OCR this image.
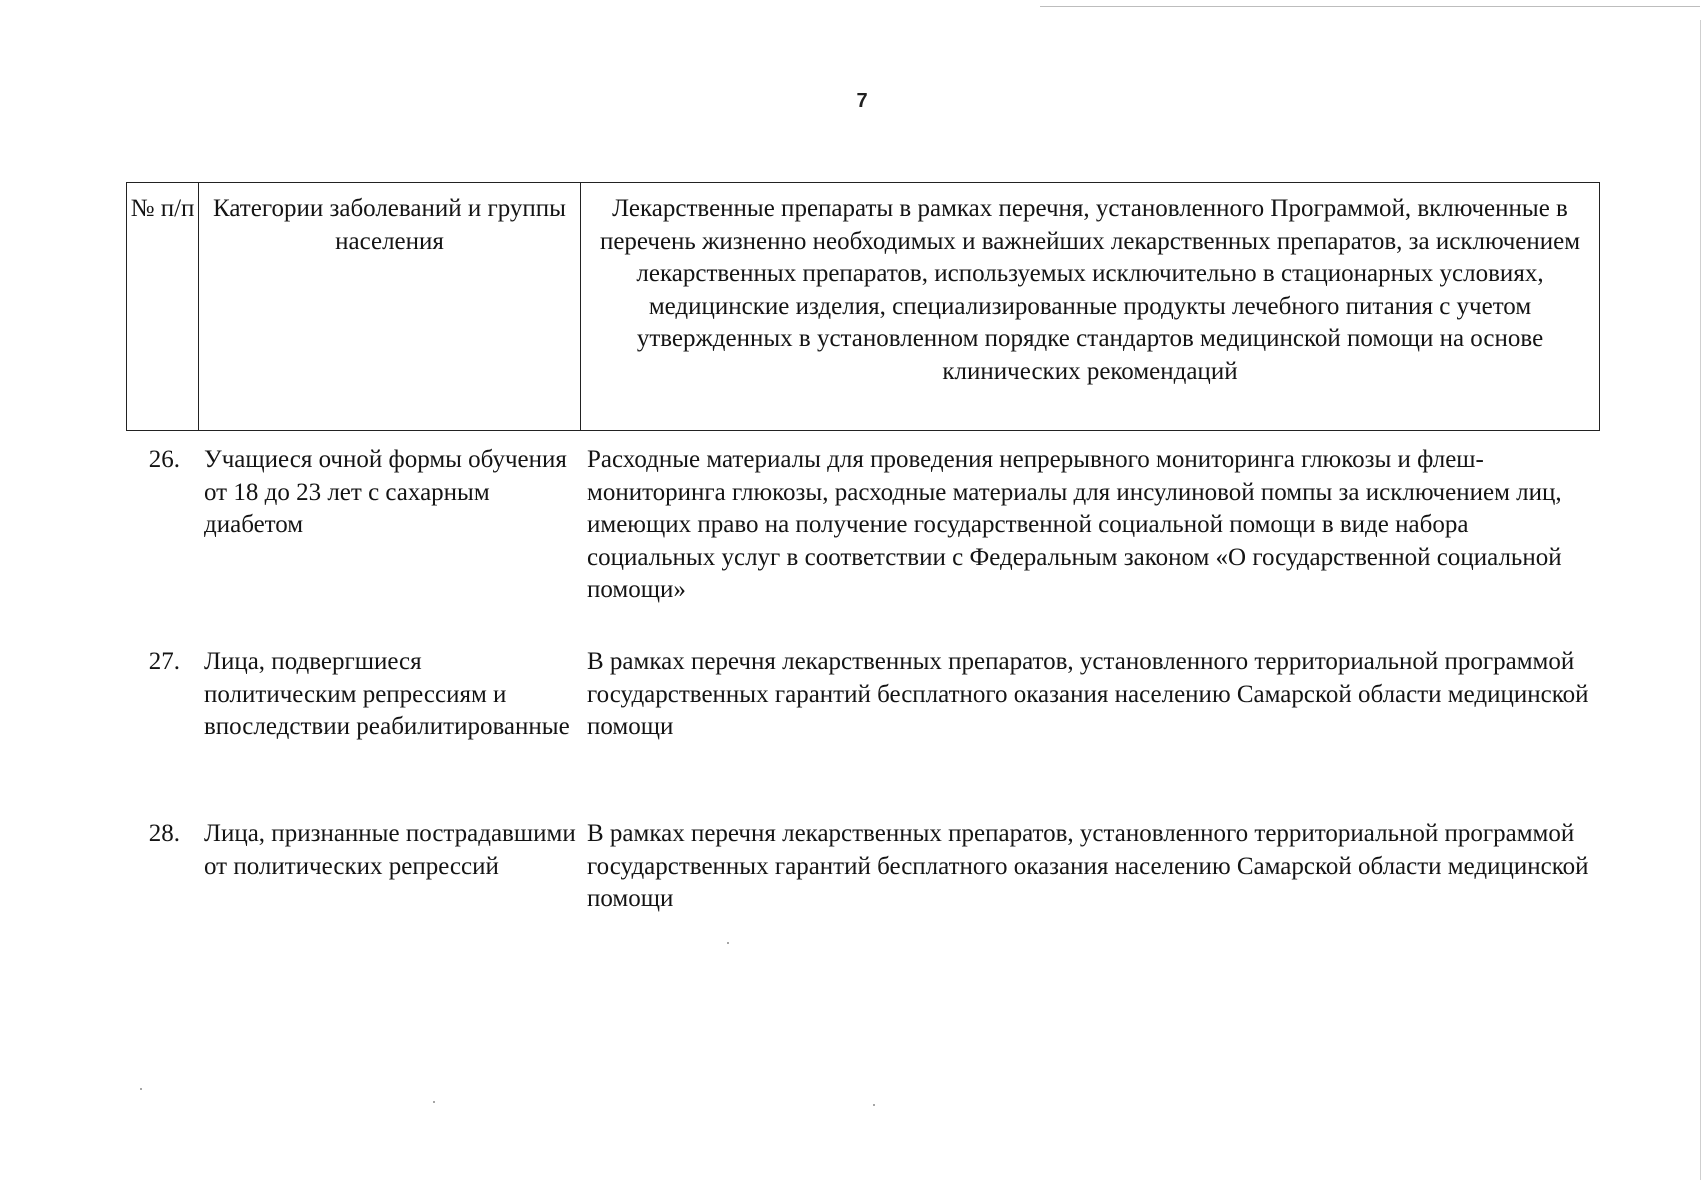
7
№ п/п Категории заболеваний и группы населения
Лекарственные препараты в рамках перечня, установленного Программой, включенные в перечень жизненно необходимых и важнейших лекарственных препаратов, за исключением лекарственных препаратов, используемых исключительно в стационарных условиях, медицинские изделия, специализированные продукты лечебного питания с учетом утвержденных в установленном порядке стандартов медицинской помощи на основе клинических рекомендаций
26. Учащиеся очной формы обучения от 18 до 23 лет с сахарным диабетом
Расходные материалы для проведения непрерывного мониторинга глюкозы и флеш-мониторинга глюкозы, расходные материалы для инсулиновой помпы за исключением лиц, имеющих право на получение государственной социальной помощи в виде набора социальных услуг в соответствии с Федеральным законом «О государственной социальной помощи»
27. Лица, подвергшиеся политическим репрессиям и впоследствии реабилитированные
В рамках перечня лекарственных препаратов, установленного территориальной программой государственных гарантий бесплатного оказания населению Самарской области медицинской помощи
28. Лица, признанные пострадавшими от политических репрессий
В рамках перечня лекарственных препаратов, установленного территориальной программой государственных гарантий бесплатного оказания населению Самарской области медицинской помощи
